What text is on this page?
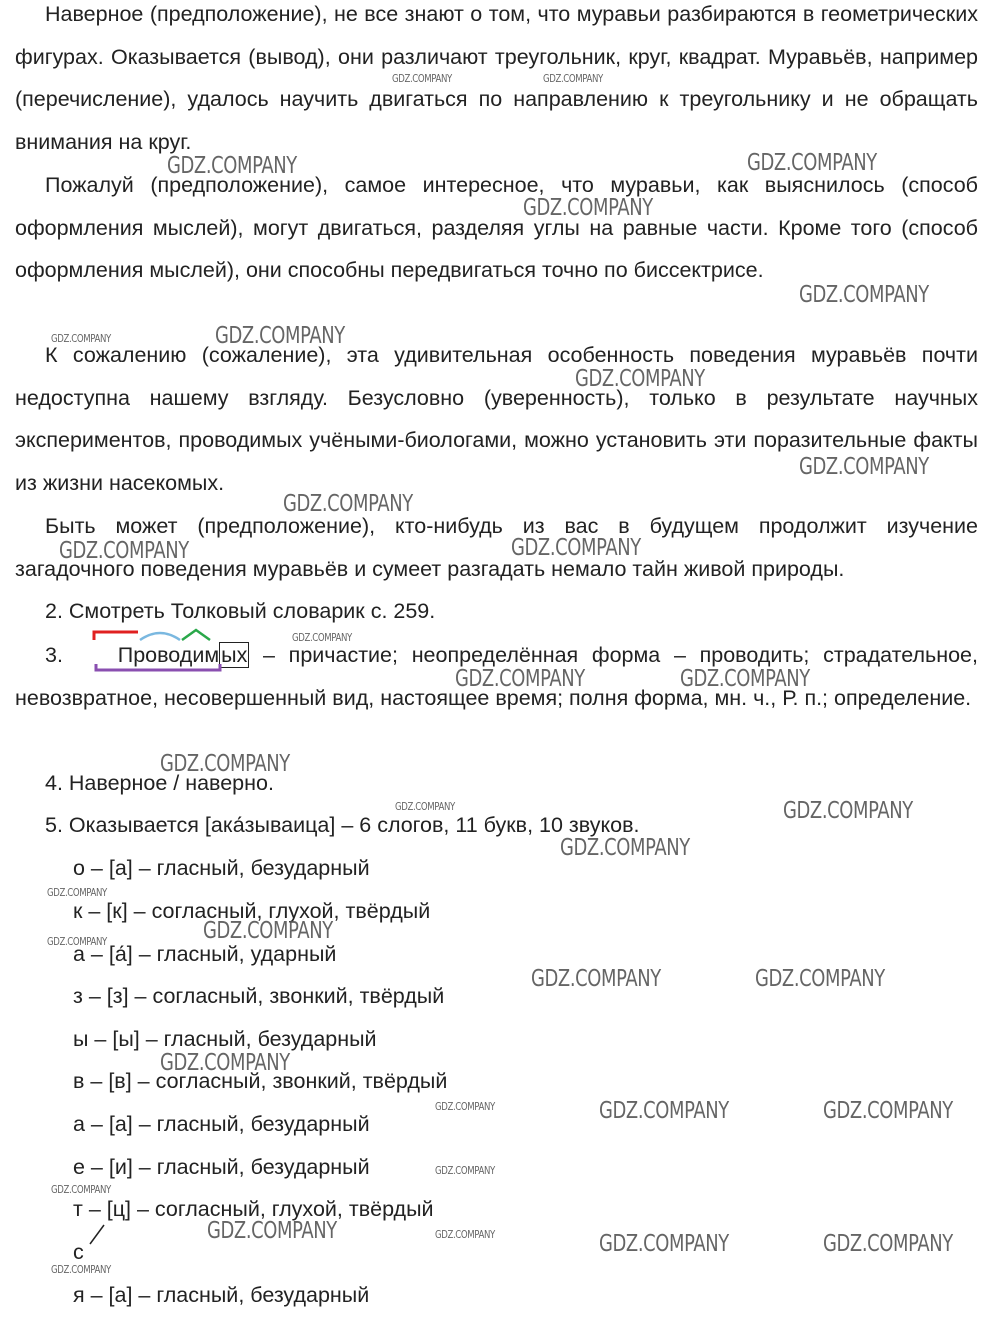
Наверное (предположение), не все знают о том, что муравьи разбираются в геометрических фигурах. Оказывается (вывод), они различают треугольник, круг, квадрат. Муравьёв, например (перечисление), удалось научить двигаться по направлению к треугольнику и не обращать внимания на круг.

Пожалуй (предположение), самое интересное, что муравьи, как выяснилось (способ оформления мыслей), могут двигаться, разделяя углы на равные части. Кроме того (способ оформления мыслей), они способны передвигаться точно по биссектрисе.

К сожалению (сожаление), эта удивительная особенность поведения муравьёв почти недоступна нашему взгляду. Безусловно (уверенность), только в результате научных экспериментов, проводимых учёными-биологами, можно установить эти поразительные факты из жизни насекомых.

Быть может (предположение), кто-нибудь из вас в будущем продолжит изучение загадочного поведения муравьёв и сумеет разгадать немало тайн живой природы.

2. Смотреть Толковый словарик с. 259.

3.	Проводимых – причастие; неопределённая форма – проводить; страдательное, невозвратное, несовершенный вид, настоящее время; полня форма, мн. ч., Р. п.; определение.

4. Наверное / наверно.

5. Оказывается [ака́зываица] – 6 слогов, 11 букв, 10 звуков.

о – [а] – гласный, безударный
к – [к] – согласный, глухой, твёрдый
а – [а́] – гласный, ударный
з – [з] – согласный, звонкий, твёрдый
ы – [ы] – гласный, безударный
в – [в] – согласный, звонкий, твёрдый
а – [а] – гласный, безударный
е – [и] – гласный, безударный
т – [ц] – согласный, глухой, твёрдый
с
я – [а] – гласный, безударный
GDZ.COMPANY	GDZ.COMPANY
GDZ.COMPANY	GDZ.COMPANY
GDZ.COMPANY
GDZ.COMPANY
GDZ.COMPANY	GDZ.COMPANY
GDZ.COMPANY
GDZ.COMPANY
GDZ.COMPANY
GDZ.COMPANY	GDZ.COMPANY
GDZ.COMPANY
GDZ.COMPANY	GDZ.COMPANY
GDZ.COMPANY
GDZ.COMPANY	GDZ.COMPANY
GDZ.COMPANY
GDZ.COMPANY
GDZ.COMPANY	GDZ.COMPANY
GDZ.COMPANY	GDZ.COMPANY
GDZ.COMPANY
GDZ.COMPANY	GDZ.COMPANY	GDZ.COMPANY
GDZ.COMPANY
GDZ.COMPANY
GDZ.COMPANY	GDZ.COMPANY	GDZ.COMPANY	GDZ.COMPANY
GDZ.COMPANY
